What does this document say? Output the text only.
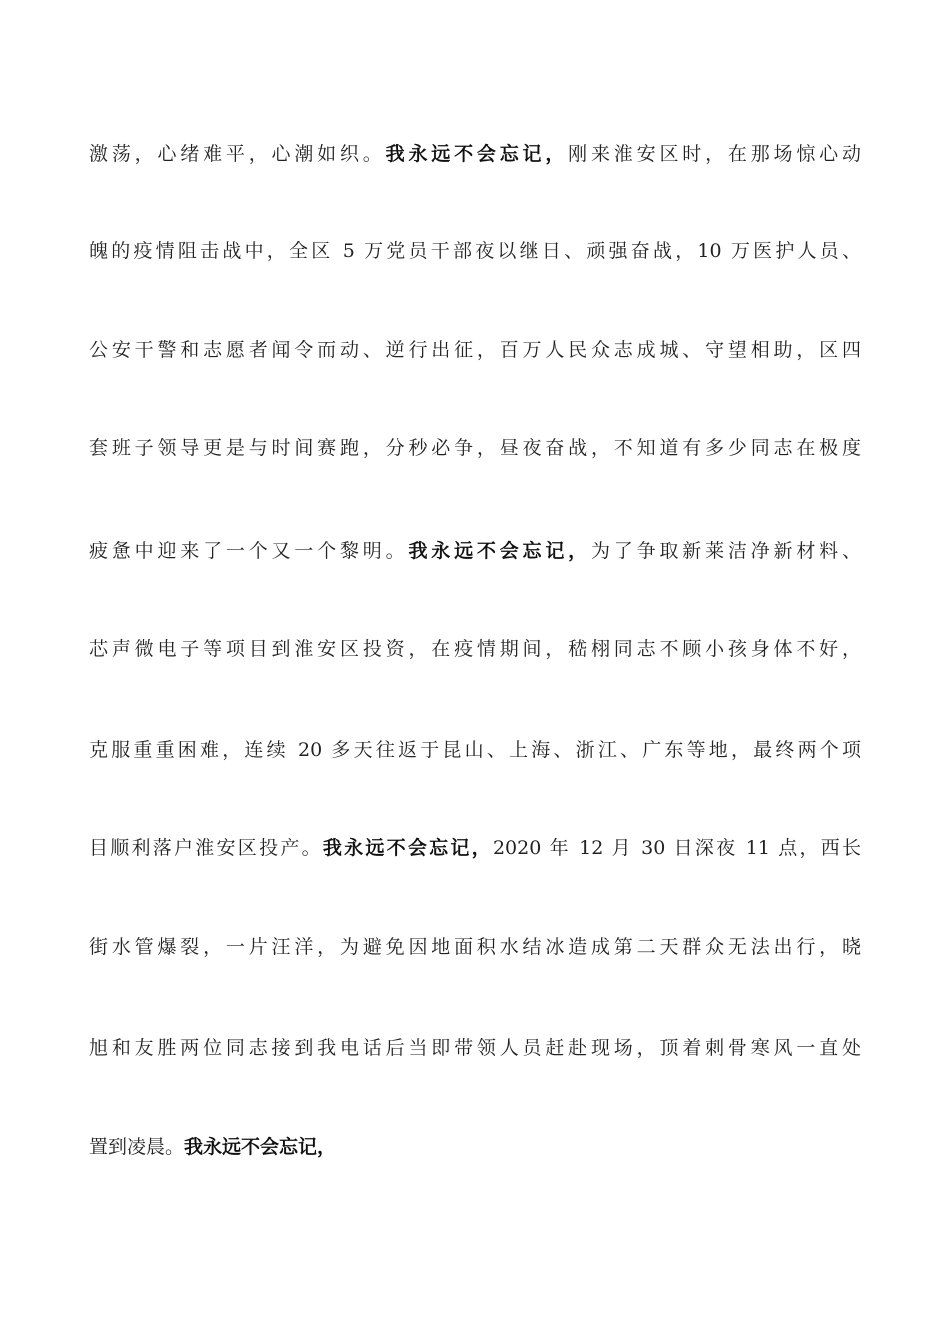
激荡，心绪难平，心潮如织。我永远不会忘记，刚来淮安区时，在那场惊心动
魄的疫情阻击战中，全区 5 万党员干部夜以继日、顽强奋战，10 万医护人员、
公安干警和志愿者闻令而动、逆行出征，百万人民众志成城、守望相助，区四
套班子领导更是与时间赛跑，分秒必争，昼夜奋战，不知道有多少同志在极度
疲惫中迎来了一个又一个黎明。我永远不会忘记，为了争取新莱洁净新材料、
芯声微电子等项目到淮安区投资，在疫情期间，嵇栩同志不顾小孩身体不好，
克服重重困难，连续 20 多天往返于昆山、上海、浙江、广东等地，最终两个项
目顺利落户淮安区投产。我永远不会忘记，2020 年 12 月 30 日深夜 11 点，西长
街水管爆裂，一片汪洋，为避免因地面积水结冰造成第二天群众无法出行，晓
旭和友胜两位同志接到我电话后当即带领人员赶赴现场，顶着刺骨寒风一直处
置到凌晨。我永远不会忘记，
